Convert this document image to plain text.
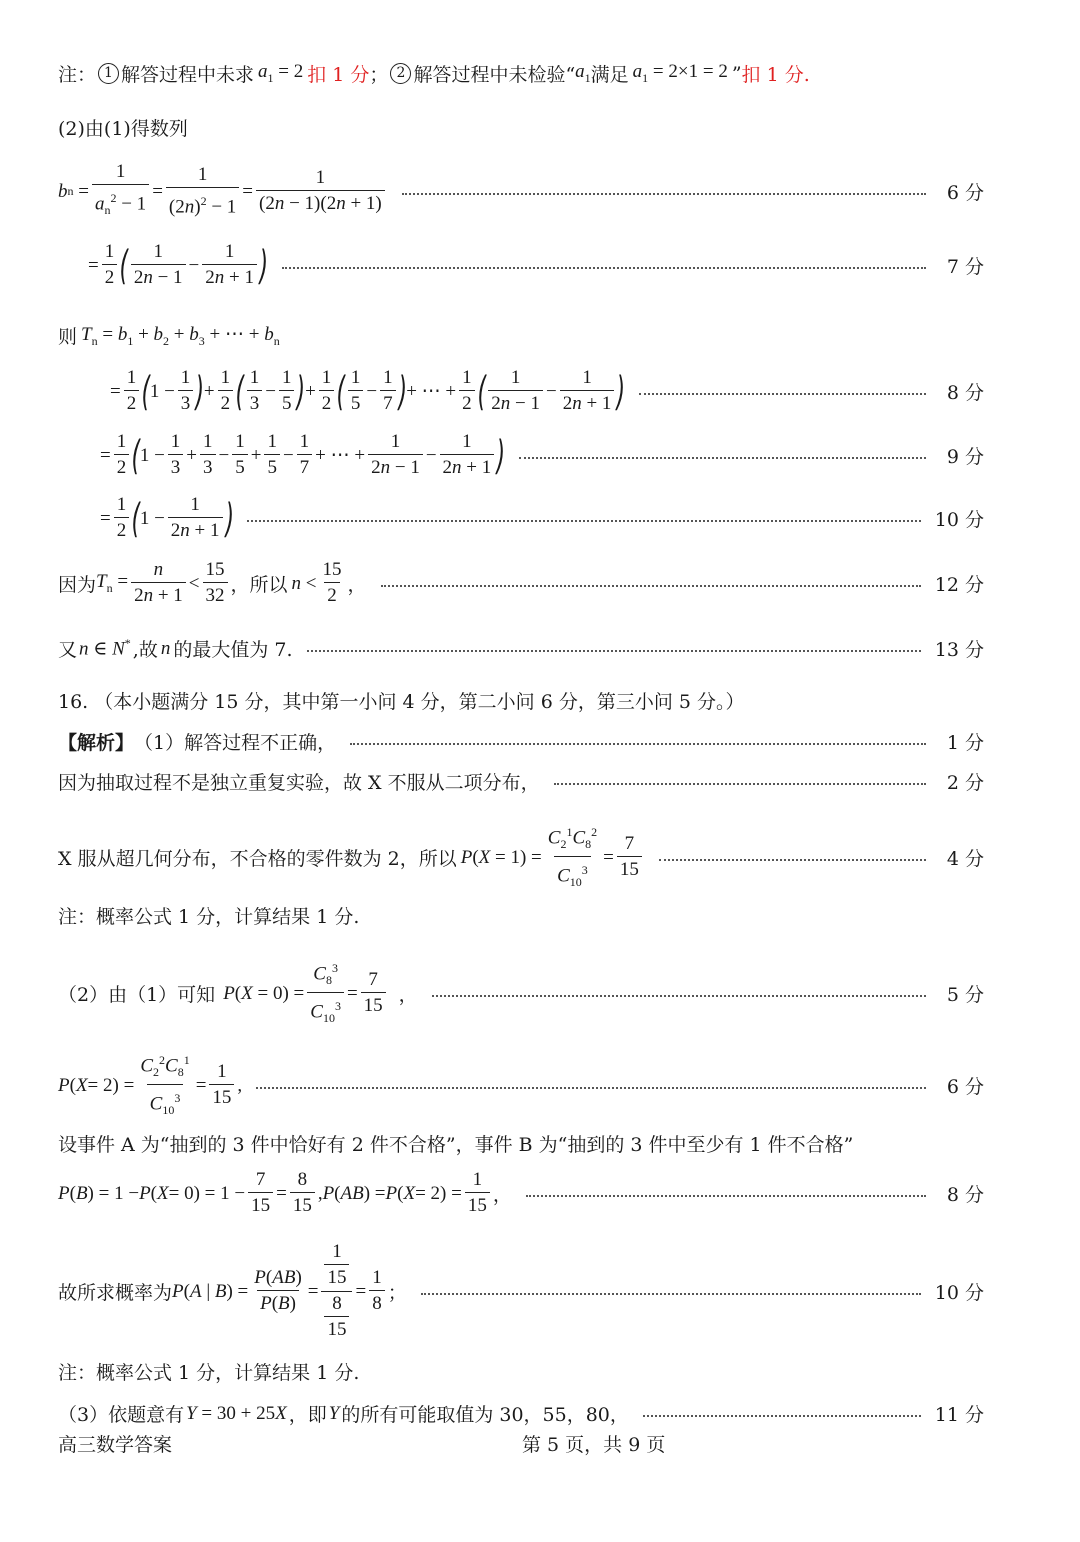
注： 1 解答过程中未求 $a_1 = 2$ 扣 1 分 ； 2 解答过程中未检验“ $a_1$ 满足 $a_1 = 2\times 1 = 2$ ” 扣 1 分.
(2)由(1)得数列
b n
= $\frac{1}{a_n^2 - 1} = \frac{1}{(2n)^2 - 1} = \frac{1}{(2n - 1)(2n + 1)}$	6 分
= $\frac{1}{2}$ ( $\frac{1}{2n - 1} - \frac{1}{2n + 1}$ )	7 分
则 $T_n = b_1 + b_2 + b_3$ + ⋯ + $b_n$
= $\frac{1}{2}$ ( $1 - \frac{1}{3}$ ) + $\frac{1}{2}$ ( $\frac{1}{3} - \frac{1}{5}$ ) + $\frac{1}{2}$ ( $\frac{1}{5} - \frac{1}{7}$ ) + ⋯ + $\frac{1}{2}$ ( $\frac{1}{2n - 1} - \frac{1}{2n + 1}$ )	8 分
= $\frac{1}{2}$ ( $1 - \frac{1}{3} + \frac{1}{3} - \frac{1}{5} + \frac{1}{5} - \frac{1}{7}$ + ⋯ + $\frac{1}{2n - 1} - \frac{1}{2n + 1}$ )	9 分
= $\frac{1}{2}$ ( $1 - \frac{1}{2n + 1}$ )	10 分
因为 $T_n = \frac{n}{2n + 1} < \frac{15}{32}$ ，所以 $n < \frac{15}{2}$ ，	12 分
又 n ∈ N* ,故 n 的最大值为 7.	13 分
16. （本小题满分 15 分，其中第一小问 4 分，第二小问 6 分，第三小问 5 分。）
【解析】 （1）解答过程不正确，	1 分
因为抽取过程不是独立重复实验，故 X 不服从二项分布，	2 分
X 服从超几何分布，不合格的零件数为 2，所以 $P(X = 1) = \frac{C_2^1C_8^2}{C_{10}^3} = \frac{7}{15}$	4 分
注：概率公式 1 分，计算结果 1 分.
（2）由（1）可知 $P(X = 0) = \frac{C_8^3}{C_{10}^3} = \frac{7}{15}$ ，	5 分
P ( $X = 2) = \frac{C_2^2C_8^1}{C_{10}^3} = \frac{1}{15}$ ,	6 分
设事件 A 为“抽到的 3 件中恰好有 2 件不合格”，事件 B 为“抽到的 3 件中至少有 1 件不合格”
P ( B ) = 1 − P ( $X = 0) = 1 - \frac{7}{15} = \frac{8}{15}$ , P ( AB ) = P ( $X = 2) = \frac{1}{15}$ ，	8 分
故所求概率为 P(A | $B) = \frac{P(AB)}{P(B)} = \frac{\frac{1}{15}}{\frac{8}{15}} = \frac{1}{8}$ ；	10 分
注：概率公式 1 分，计算结果 1 分.
（3）依题意有 Y = 30 + 25X ，即 Y 的所有可能取值为 30，55，80，	11 分
高三数学答案	第 5 页，共 9 页
